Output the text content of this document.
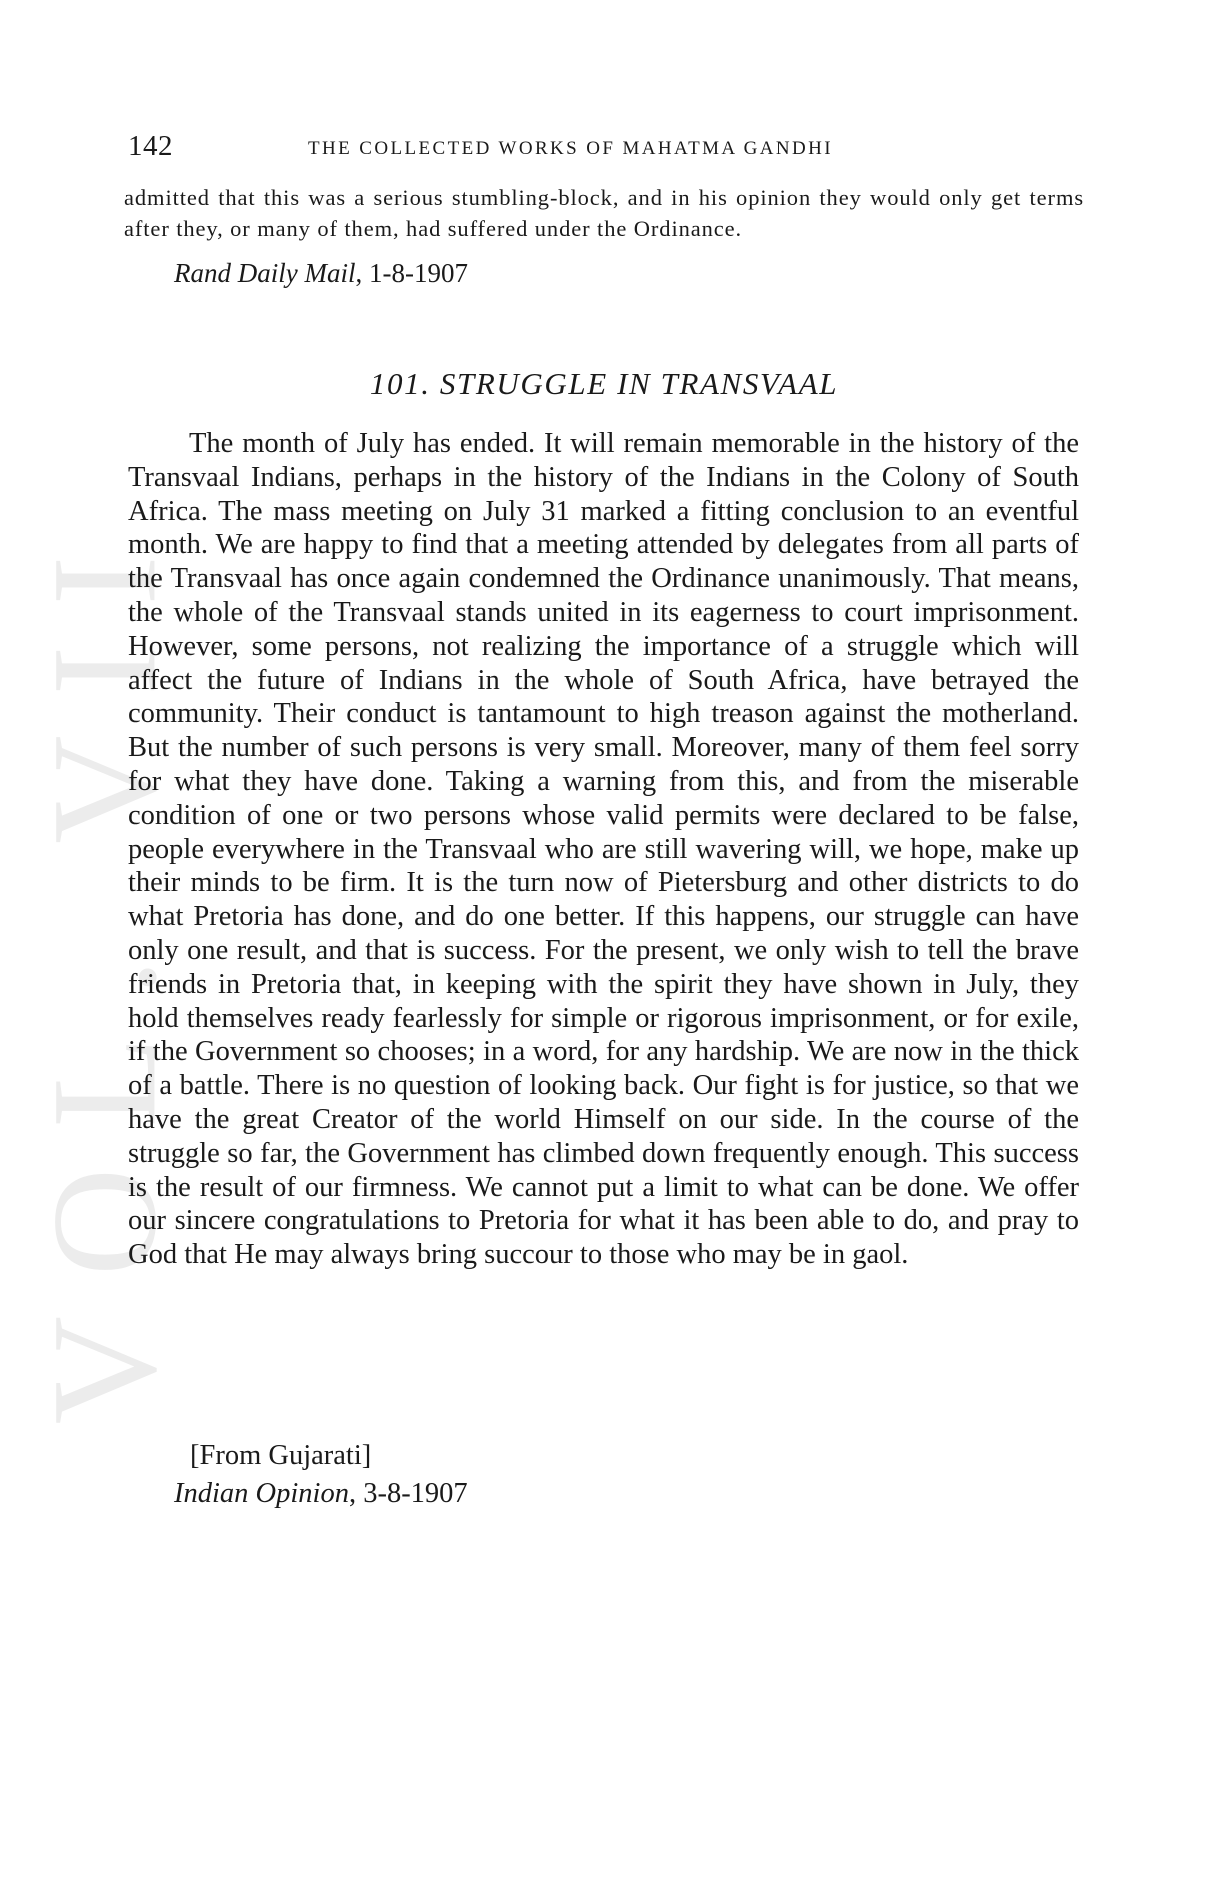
VOL. VII
142	THE COLLECTED WORKS OF MAHATMA GANDHI

admitted that this was a serious stumbling-block, and in his opinion they would only get terms after they, or many of them, had suffered under the Ordinance.

Rand Daily Mail, 1-8-1907
101. STRUGGLE IN TRANSVAAL

The month of July has ended. It will remain memorable in the history of the Transvaal Indians, perhaps in the history of the Indians in the Colony of South Africa. The mass meeting on July 31 marked a fitting conclusion to an eventful month. We are happy to find that a meeting attended by delegates from all parts of the Transvaal has once again condemned the Ordinance unanimously. That means, the whole of the Transvaal stands united in its eagerness to court imprisonment. However, some persons, not realizing the importance of a struggle which will affect the future of Indians in the whole of South Africa, have betrayed the community. Their conduct is tantamount to high treason against the motherland. But the number of such persons is very small. Moreover, many of them feel sorry for what they have done. Taking a warning from this, and from the miserable condition of one or two persons whose valid permits were declared to be false, people everywhere in the Transvaal who are still wavering will, we hope, make up their minds to be firm. It is the turn now of Pietersburg and other districts to do what Pretoria has done, and do one better. If this happens, our struggle can have only one result, and that is success. For the present, we only wish to tell the brave friends in Pretoria that, in keeping with the spirit they have shown in July, they hold themselves ready fearlessly for simple or rigorous imprisonment, or for exile, if the Government so chooses; in a word, for any hardship. We are now in the thick of a battle. There is no question of looking back. Our fight is for justice, so that we have the great Creator of the world Himself on our side. In the course of the struggle so far, the Government has climbed down frequently enough. This success is the result of our firmness. We cannot put a limit to what can be done. We offer our sincere congratulations to Pretoria for what it has been able to do, and pray to God that He may always bring succour to those who may be in gaol.

[From Gujarati]
Indian Opinion, 3-8-1907
